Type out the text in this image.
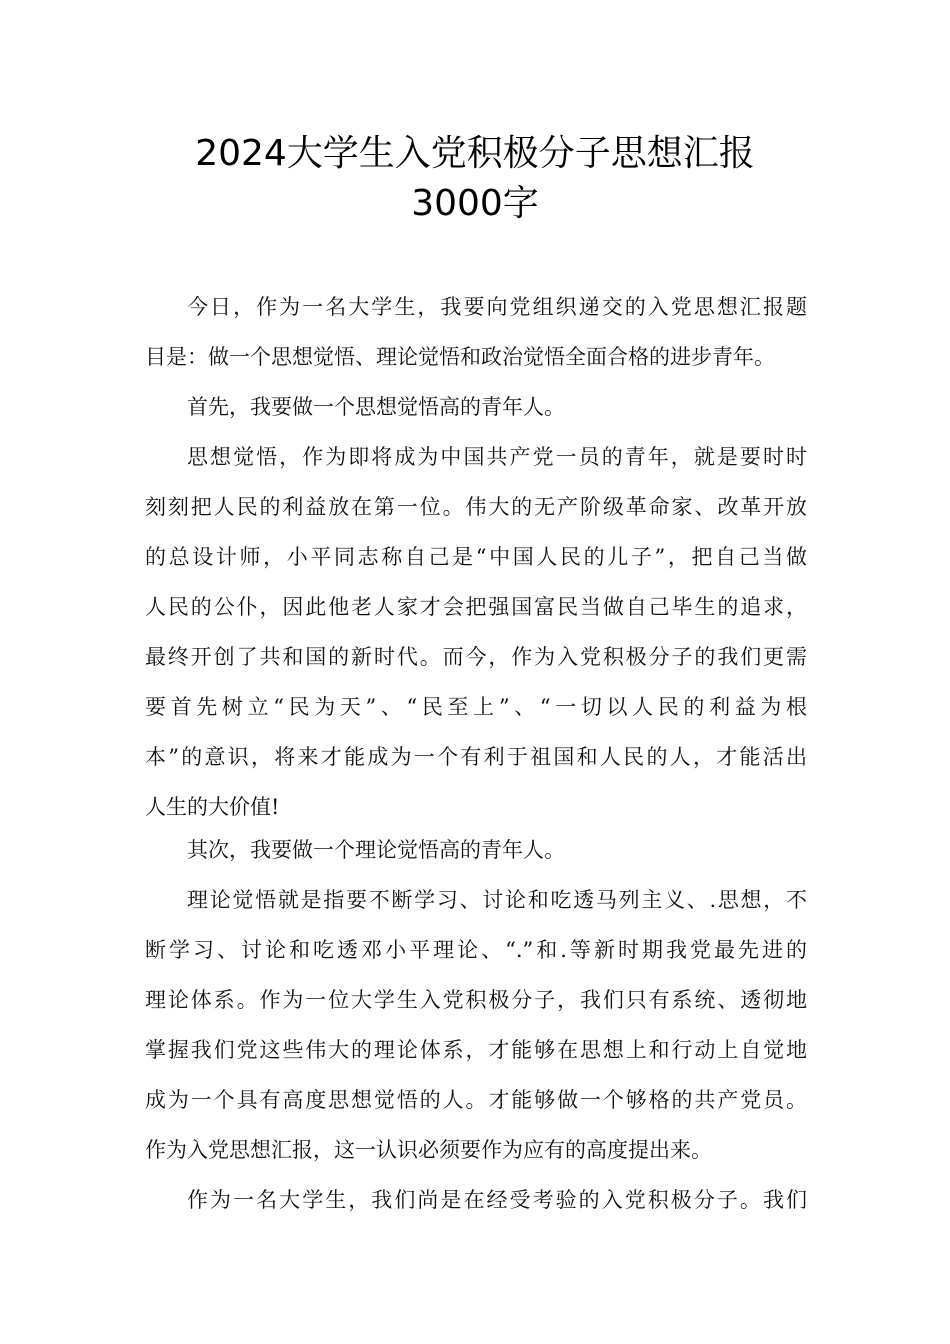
2024大学生入党积极分子思想汇报
3000字

今日，作为一名大学生，我要向党组织递交的入党思想汇报题
目是：做一个思想觉悟、理论觉悟和政治觉悟全面合格的进步青年。

首先，我要做一个思想觉悟高的青年人。

思想觉悟，作为即将成为中国共产党一员的青年，就是要时时
刻刻把人民的利益放在第一位。伟大的无产阶级革命家、改革开放
的总设计师，小平同志称自己是“中国人民的儿子”，把自己当做
人民的公仆，因此他老人家才会把强国富民当做自己毕生的追求，
最终开创了共和国的新时代。而今，作为入党积极分子的我们更需
要首先树立“民为天”、“民至上”、“一切以人民的利益为根
本”的意识，将来才能成为一个有利于祖国和人民的人，才能活出
人生的大价值!

其次，我要做一个理论觉悟高的青年人。

理论觉悟就是指要不断学习、讨论和吃透马列主义、.思想，不
断学习、讨论和吃透邓小平理论、“.”和.等新时期我党最先进的
理论体系。作为一位大学生入党积极分子，我们只有系统、透彻地
掌握我们党这些伟大的理论体系，才能够在思想上和行动上自觉地
成为一个具有高度思想觉悟的人。才能够做一个够格的共产党员。
作为入党思想汇报，这一认识必须要作为应有的高度提出来。

作为一名大学生，我们尚是在经受考验的入党积极分子。我们
